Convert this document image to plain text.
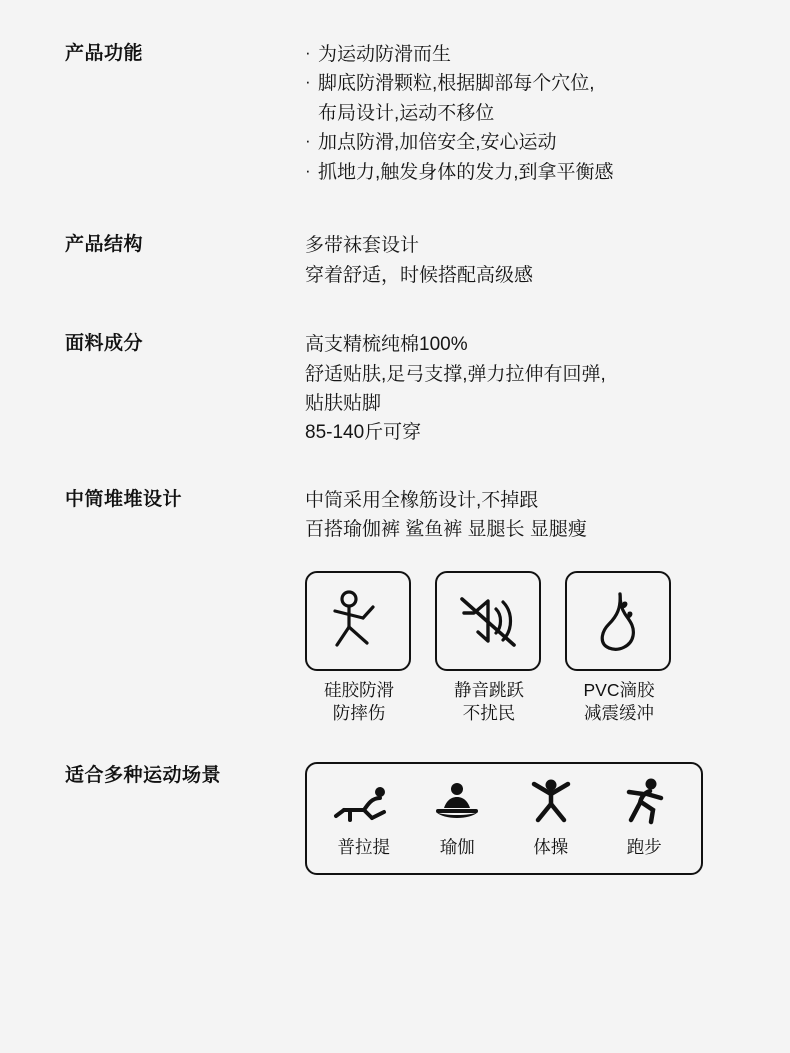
产品功能	· 为运动防滑而生
· 脚底防滑颗粒,根据脚部每个穴位,
布局设计,运动不移位
· 加点防滑,加倍安全,安心运动
· 抓地力,触发身体的发力,到拿平衡感
产品结构	多带袜套设计
穿着舒适，时候搭配高级感
面料成分	高支精梳纯棉100%
舒适贴肤,足弓支撑,弹力拉伸有回弹,
贴肤贴脚
85-140斤可穿
中筒堆堆设计	中筒采用全橡筋设计,不掉跟
百搭瑜伽裤 鲨鱼裤 显腿长 显腿瘦
硅胶防滑
防摔伤
静音跳跃
不扰民
PVC滴胶
减震缓冲
适合多种运动场景
普拉提	瑜伽	体操	跑步
